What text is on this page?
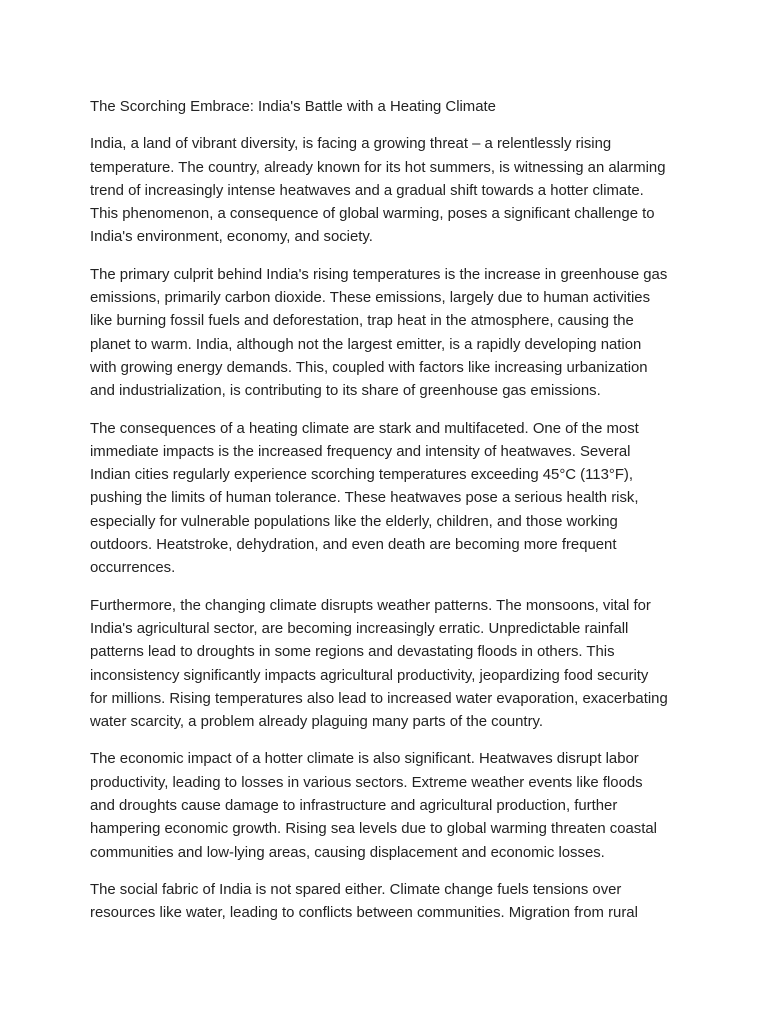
The Scorching Embrace: India's Battle with a Heating Climate

India, a land of vibrant diversity, is facing a growing threat – a relentlessly rising
temperature. The country, already known for its hot summers, is witnessing an alarming
trend of increasingly intense heatwaves and a gradual shift towards a hotter climate.
This phenomenon, a consequence of global warming, poses a significant challenge to
India's environment, economy, and society.

The primary culprit behind India's rising temperatures is the increase in greenhouse gas
emissions, primarily carbon dioxide. These emissions, largely due to human activities
like burning fossil fuels and deforestation, trap heat in the atmosphere, causing the
planet to warm. India, although not the largest emitter, is a rapidly developing nation
with growing energy demands. This, coupled with factors like increasing urbanization
and industrialization, is contributing to its share of greenhouse gas emissions.

The consequences of a heating climate are stark and multifaceted. One of the most
immediate impacts is the increased frequency and intensity of heatwaves. Several
Indian cities regularly experience scorching temperatures exceeding 45°C (113°F),
pushing the limits of human tolerance. These heatwaves pose a serious health risk,
especially for vulnerable populations like the elderly, children, and those working
outdoors. Heatstroke, dehydration, and even death are becoming more frequent
occurrences.

Furthermore, the changing climate disrupts weather patterns. The monsoons, vital for
India's agricultural sector, are becoming increasingly erratic. Unpredictable rainfall
patterns lead to droughts in some regions and devastating floods in others. This
inconsistency significantly impacts agricultural productivity, jeopardizing food security
for millions. Rising temperatures also lead to increased water evaporation, exacerbating
water scarcity, a problem already plaguing many parts of the country.

The economic impact of a hotter climate is also significant. Heatwaves disrupt labor
productivity, leading to losses in various sectors. Extreme weather events like floods
and droughts cause damage to infrastructure and agricultural production, further
hampering economic growth. Rising sea levels due to global warming threaten coastal
communities and low-lying areas, causing displacement and economic losses.

The social fabric of India is not spared either. Climate change fuels tensions over
resources like water, leading to conflicts between communities. Migration from rural
